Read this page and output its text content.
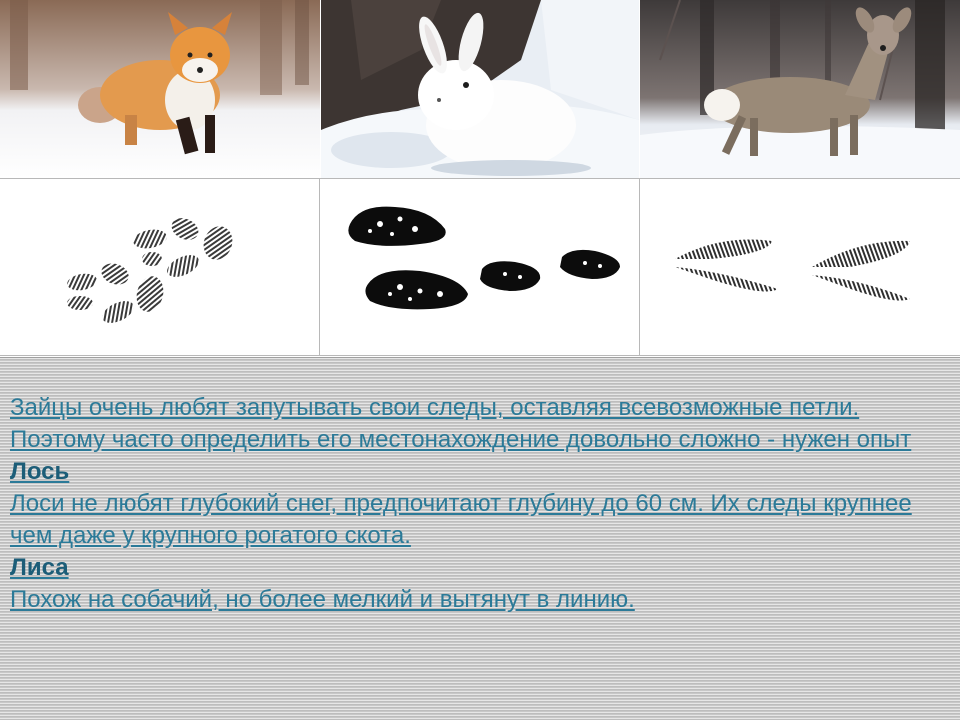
Зайцы очень любят запутывать свои следы, оставляя всевозможные петли. Поэтому часто определить его местонахождение довольно сложно - нужен опыт

Лось

Лоси не любят глубокий снег, предпочитают глубину до 60 см. Их следы крупнее чем даже у крупного рогатого скота.

Лиса

Похож на собачий, но более мелкий и вытянут в линию.
